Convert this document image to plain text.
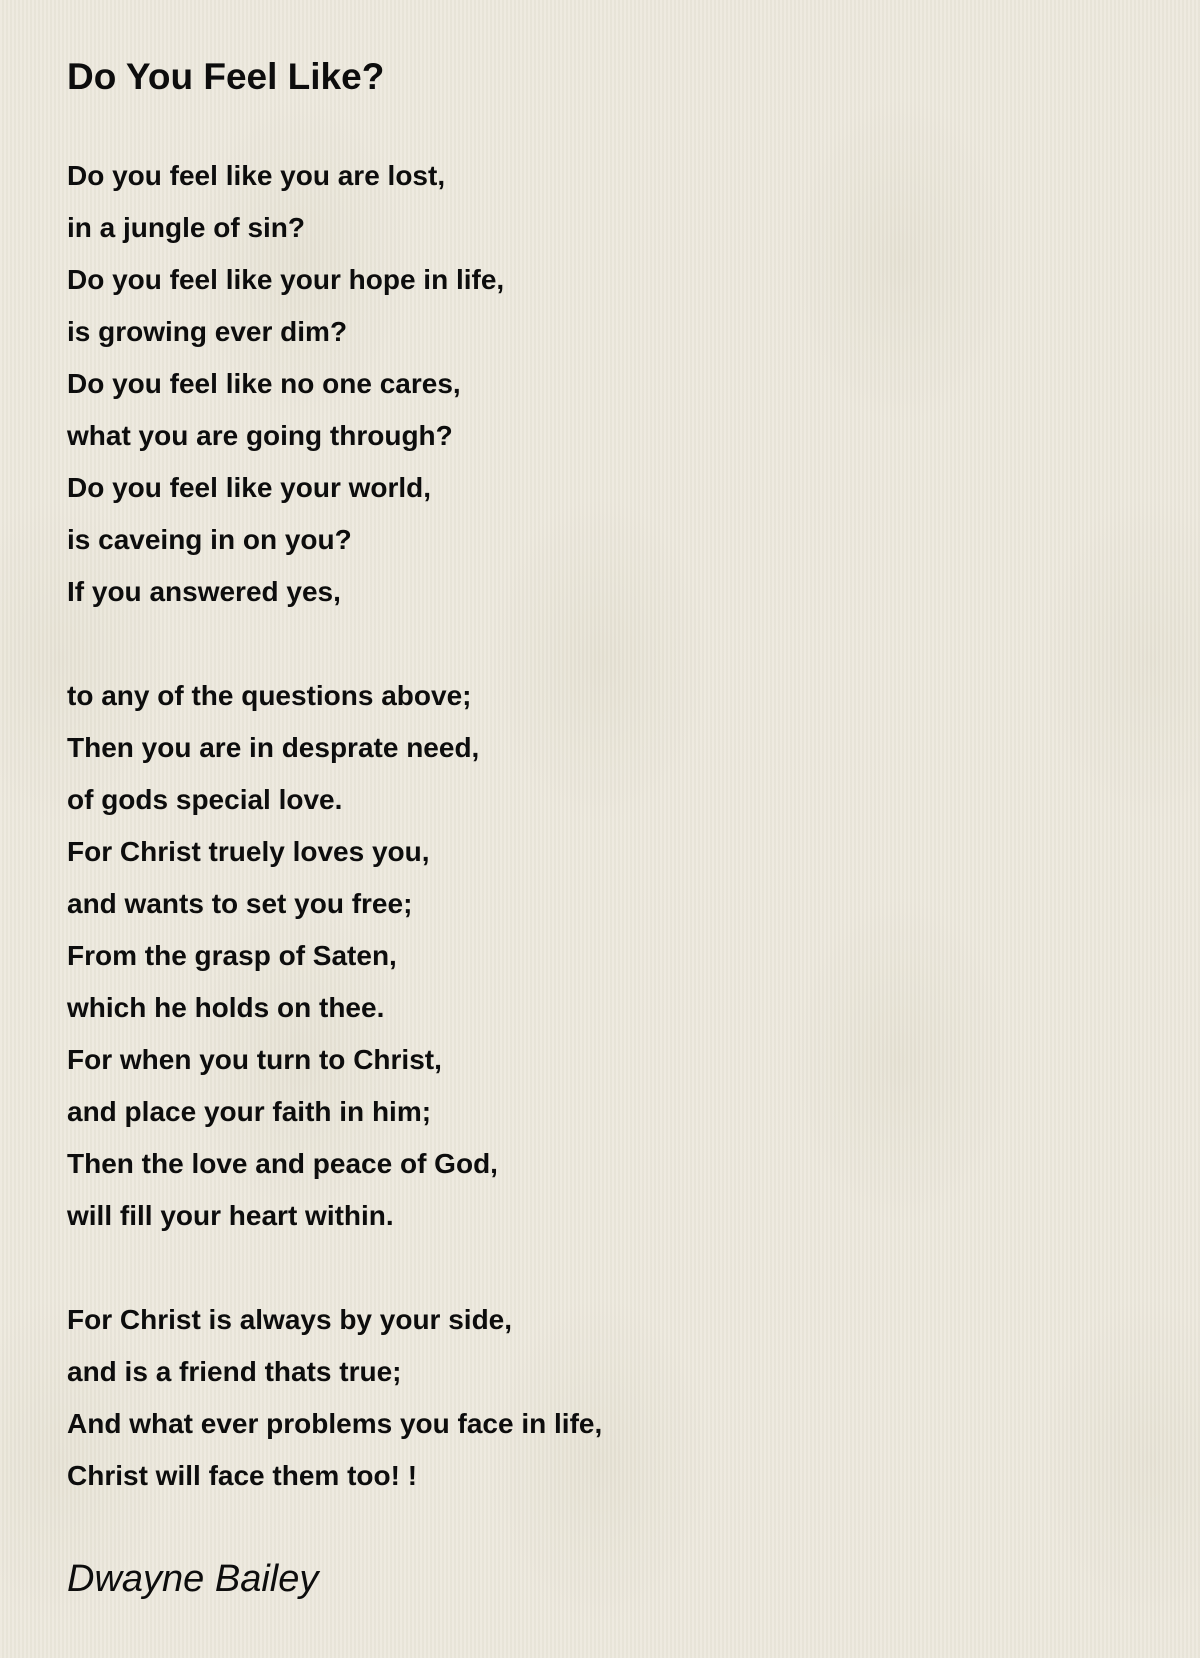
Do You Feel Like?
Do you feel like you are lost,
in a jungle of sin?
Do you feel like your hope in life,
is growing ever dim?
Do you feel like no one cares,
what you are going through?
Do you feel like your world,
is caveing in on you?
If you answered yes,
to any of the questions above;
Then you are in desprate need,
of gods special love.
For Christ truely loves you,
and wants to set you free;
From the grasp of Saten,
which he holds on thee.
For when you turn to Christ,
and place your faith in him;
Then the love and peace of God,
will fill your heart within.
For Christ is always by your side,
and is a friend thats true;
And what ever problems you face in life,
Christ will face them too! !
Dwayne Bailey
